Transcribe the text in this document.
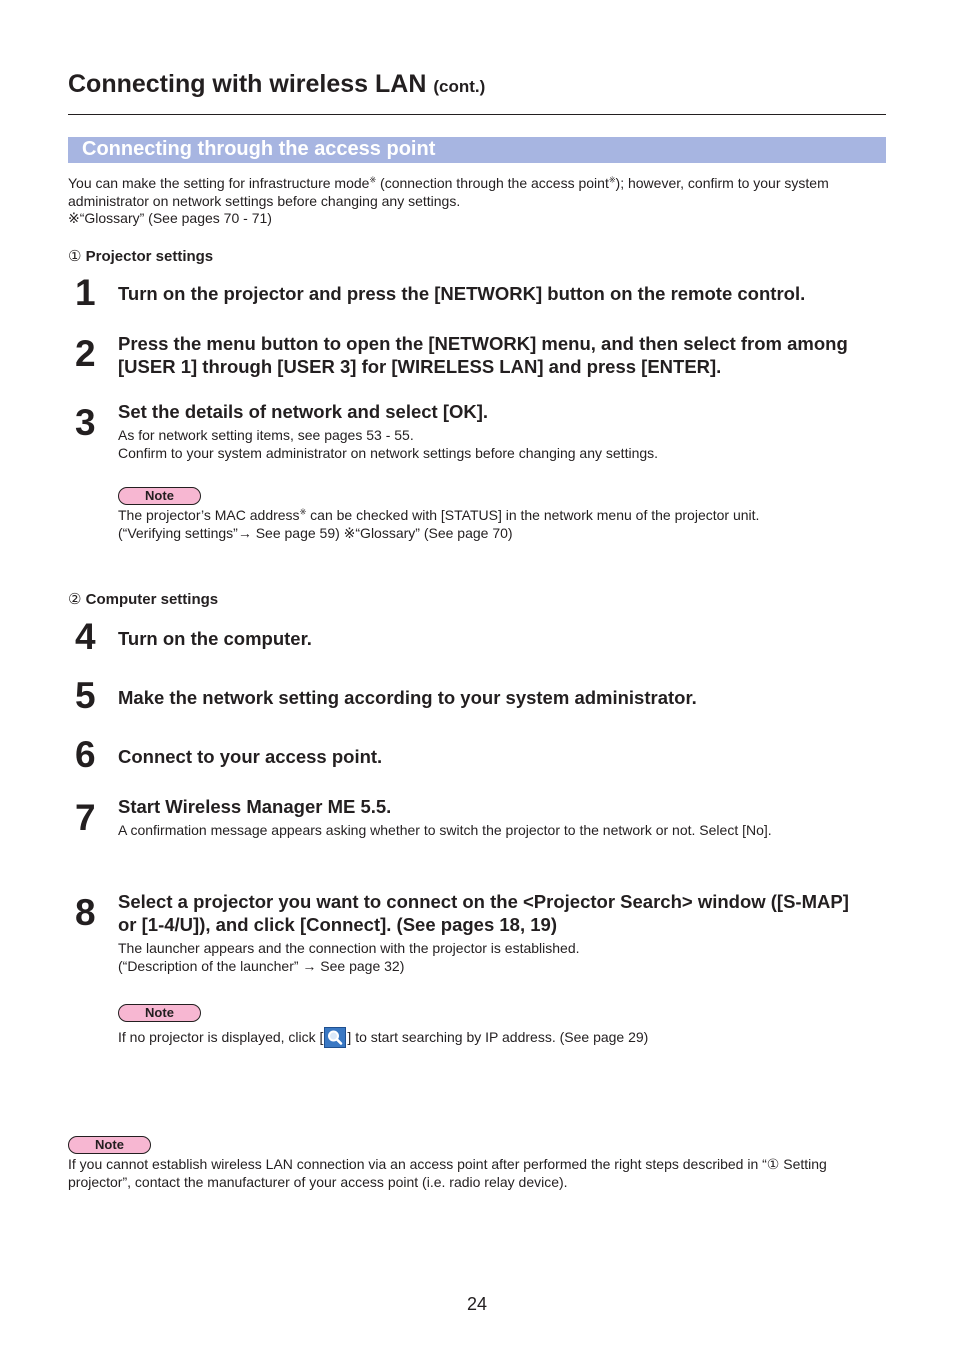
Connecting with wireless LAN (cont.)
Connecting through the access point
You can make the setting for infrastructure mode※ (connection through the access point※); however, confirm to your system
administrator on network settings before changing any settings.
※“Glossary” (See pages 70 - 71)
① Projector settings
1	Turn on the projector and press the [NETWORK] button on the remote control.
2	Press the menu button to open the [NETWORK] menu, and then select from among
[USER 1] through [USER 3] for [WIRELESS LAN] and press [ENTER].
3	Set the details of network and select [OK].
As for network setting items, see pages 53 - 55.
Confirm to your system administrator on network settings before changing any settings.
Note
The projector’s MAC address※ can be checked with [STATUS] in the network menu of the projector unit.
(“Verifying settings”→ See page 59) ※“Glossary” (See page 70)
② Computer settings
4	Turn on the computer.
5	Make the network setting according to your system administrator.
6	Connect to your access point.
7	Start Wireless Manager ME 5.5.
A confirmation message appears asking whether to switch the projector to the network or not. Select [No].
8	Select a projector you want to connect on the <Projector Search> window ([S-MAP]
or [1-4/U]), and click [Connect]. (See pages 18, 19)
The launcher appears and the connection with the projector is established.
(“Description of the launcher” → See page 32)
Note
If no projector is displayed, click [ ] to start searching by IP address. (See page 29)
Note
If you cannot establish wireless LAN connection via an access point after performed the right steps described in “① Setting
projector”, contact the manufacturer of your access point (i.e. radio relay device).
24
